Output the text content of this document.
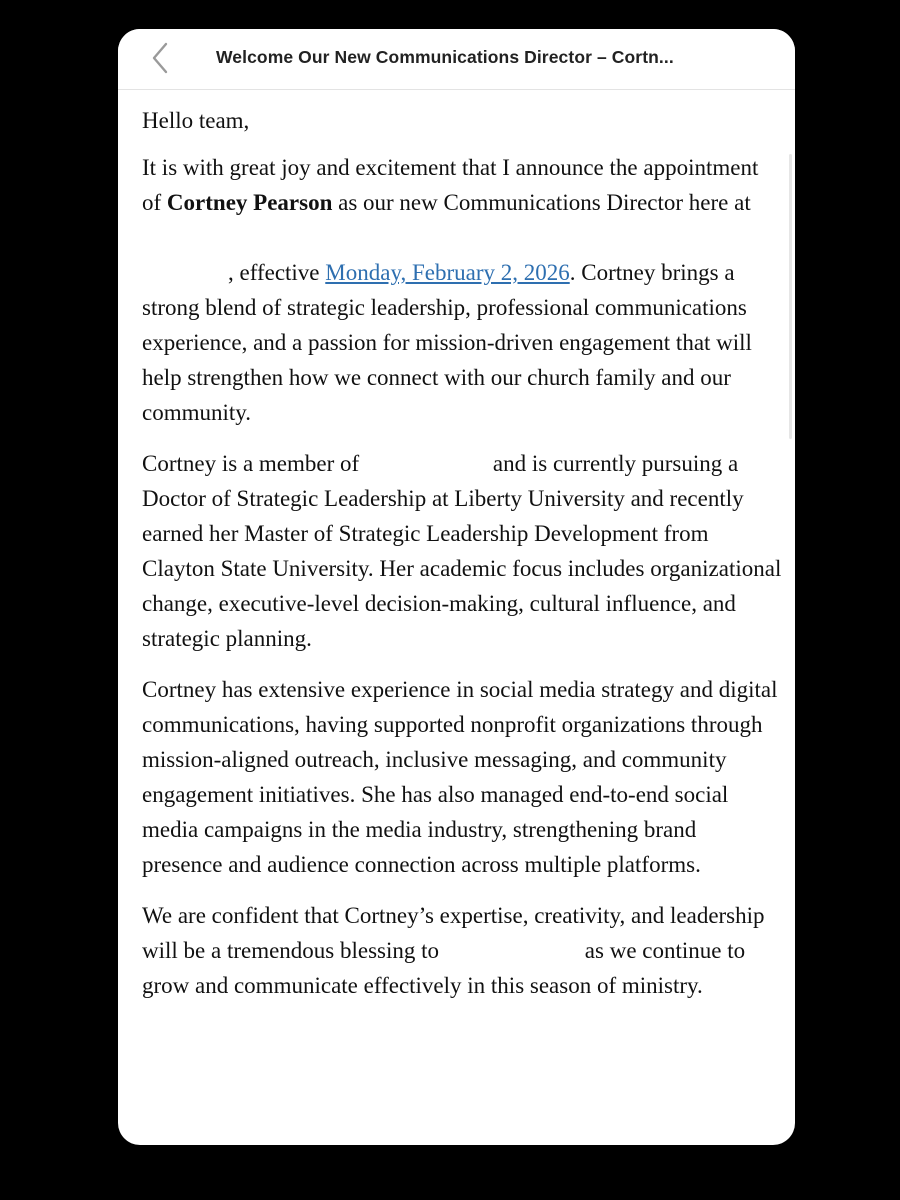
Welcome Our New Communications Director – Cortn...

Hello team,

It is with great joy and excitement that I announce the appointment of Cortney Pearson as our new Communications Director here at
, effective Monday, February 2, 2026. Cortney brings a strong blend of strategic leadership, professional communications experience, and a passion for mission-driven engagement that will help strengthen how we connect with our church family and our community.

Cortney is a member of	and is currently pursuing a Doctor of Strategic Leadership at Liberty University and recently earned her Master of Strategic Leadership Development from Clayton State University. Her academic focus includes organizational change, executive-level decision-making, cultural influence, and strategic planning.

Cortney has extensive experience in social media strategy and digital communications, having supported nonprofit organizations through mission-aligned outreach, inclusive messaging, and community engagement initiatives. She has also managed end-to-end social media campaigns in the media industry, strengthening brand presence and audience connection across multiple platforms.

We are confident that Cortney’s expertise, creativity, and leadership will be a tremendous blessing to	as we continue to grow and communicate effectively in this season of ministry.
